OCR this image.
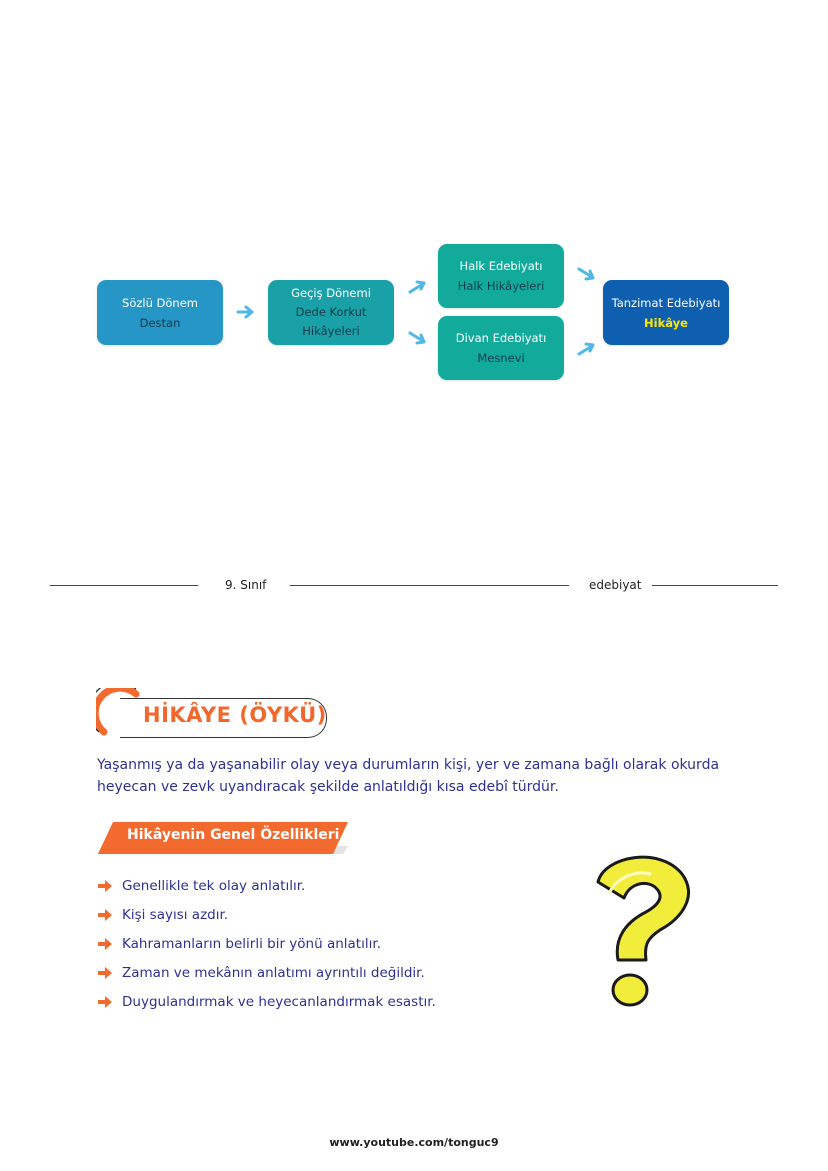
Sözlü Dönem
Destan
Geçiş Dönemi
Dede Korkut
Hikâyeleri
Halk Edebiyatı
Halk Hikâyeleri
Divan Edebiyatı
Mesnevi
Tanzimat Edebiyatı
Hikâye
9. Sınıf	edebiyat
HİKÂYE (ÖYKÜ)

Yaşanmış ya da yaşanabilir olay veya durumların kişi, yer ve zamana bağlı olarak okurda heyecan ve zevk uyandıracak şekilde anlatıldığı kısa edebî türdür.

Hikâyenin Genel Özellikleri
Genellikle tek olay anlatılır.
Kişi sayısı azdır.
Kahramanların belirli bir yönü anlatılır.
Zaman ve mekânın anlatımı ayrıntılı değildir.
Duygulandırmak ve heyecanlandırmak esastır.
www.youtube.com/tonguc9
